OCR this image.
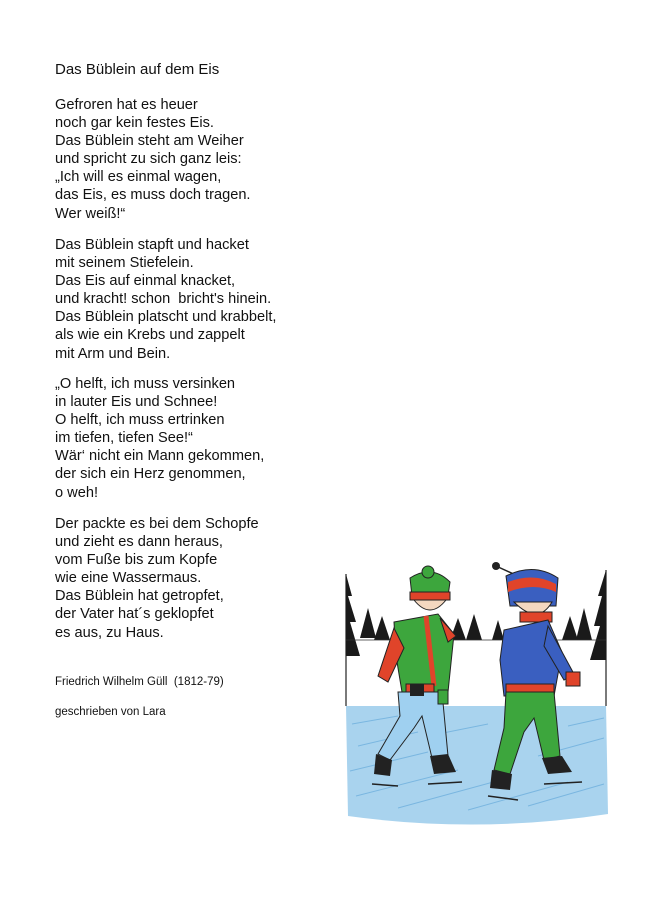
Das Büblein auf dem Eis

Gefroren hat es heuer
noch gar kein festes Eis.
Das Büblein steht am Weiher
und spricht zu sich ganz leis:
„Ich will es einmal wagen,
das Eis, es muss doch tragen.
Wer weiß!“

Das Büblein stapft und hacket
mit seinem Stiefelein.
Das Eis auf einmal knacket,
und kracht! schon  bricht's hinein.
Das Büblein platscht und krabbelt,
als wie ein Krebs und zappelt
mit Arm und Bein.

„O helft, ich muss versinken
in lauter Eis und Schnee!
O helft, ich muss ertrinken
im tiefen, tiefen See!“
Wär‘ nicht ein Mann gekommen,
der sich ein Herz genommen,
o weh!

Der packte es bei dem Schopfe
und zieht es dann heraus,
vom Fuße bis zum Kopfe
wie eine Wassermaus.
Das Büblein hat getropfet,
der Vater hat´s geklopfet
es aus, zu Haus.

Friedrich Wilhelm Güll  (1812-79)
geschrieben von Lara
